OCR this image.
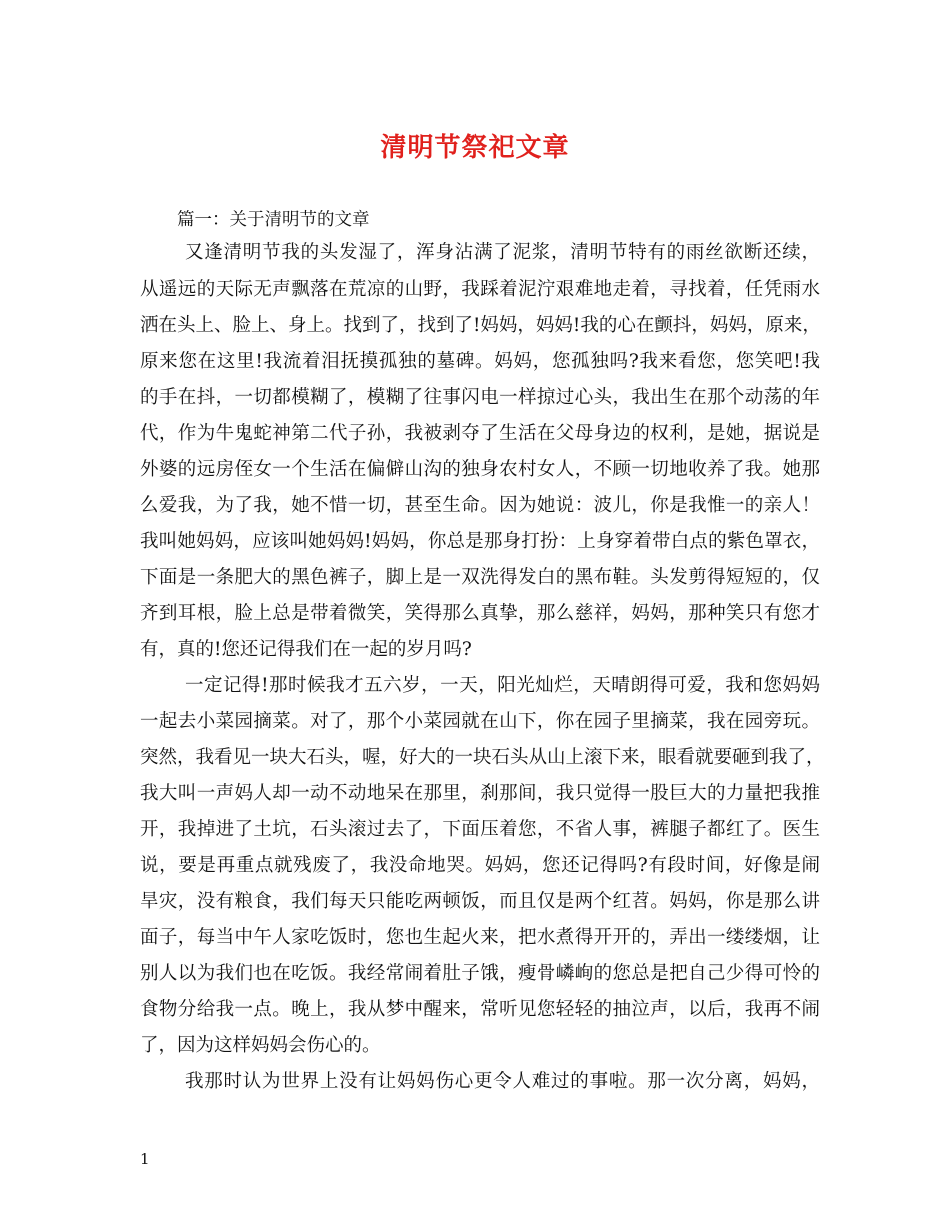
清明节祭祀文章
篇一：关于清明节的文章
又逢清明节我的头发湿了，浑身沾满了泥浆，清明节特有的雨丝欲断还续，
从遥远的天际无声飘落在荒凉的山野，我踩着泥泞艰难地走着，寻找着，任凭雨水
洒在头上、脸上、身上。找到了，找到了!妈妈，妈妈!我的心在颤抖，妈妈，原来，
原来您在这里!我流着泪抚摸孤独的墓碑。妈妈，您孤独吗?我来看您，您笑吧!我
的手在抖，一切都模糊了，模糊了往事闪电一样掠过心头，我出生在那个动荡的年
代，作为牛鬼蛇神第二代子孙，我被剥夺了生活在父母身边的权利，是她，据说是
外婆的远房侄女一个生活在偏僻山沟的独身农村女人，不顾一切地收养了我。她那
么爱我，为了我，她不惜一切，甚至生命。因为她说：波儿，你是我惟一的亲人！
我叫她妈妈，应该叫她妈妈!妈妈，你总是那身打扮：上身穿着带白点的紫色罩衣，
下面是一条肥大的黑色裤子，脚上是一双洗得发白的黑布鞋。头发剪得短短的，仅
齐到耳根，脸上总是带着微笑，笑得那么真挚，那么慈祥，妈妈，那种笑只有您才
有，真的!您还记得我们在一起的岁月吗?
一定记得!那时候我才五六岁，一天，阳光灿烂，天晴朗得可爱，我和您妈妈
一起去小菜园摘菜。对了，那个小菜园就在山下，你在园子里摘菜，我在园旁玩。
突然，我看见一块大石头，喔，好大的一块石头从山上滚下来，眼看就要砸到我了，
我大叫一声妈人却一动不动地呆在那里，刹那间，我只觉得一股巨大的力量把我推
开，我掉进了土坑，石头滚过去了，下面压着您，不省人事，裤腿子都红了。医生
说，要是再重点就残废了，我没命地哭。妈妈，您还记得吗?有段时间，好像是闹
旱灾，没有粮食，我们每天只能吃两顿饭，而且仅是两个红苕。妈妈，你是那么讲
面子，每当中午人家吃饭时，您也生起火来，把水煮得开开的，弄出一缕缕烟，让
别人以为我们也在吃饭。我经常闹着肚子饿，瘦骨嶙峋的您总是把自己少得可怜的
食物分给我一点。晚上，我从梦中醒来，常听见您轻轻的抽泣声，以后，我再不闹
了，因为这样妈妈会伤心的。
我那时认为世界上没有让妈妈伤心更令人难过的事啦。那一次分离，妈妈，
1
